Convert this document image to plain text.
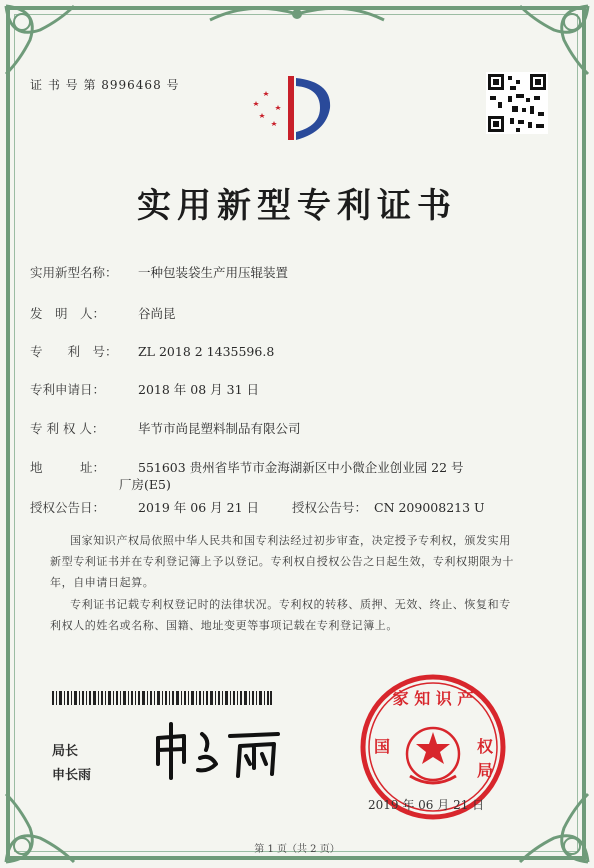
证 书 号 第 8996468 号
实用新型专利证书
实用新型名称： 一种包装袋生产用压辊装置
发　明　人：	谷尚昆
专　　利　号： ZL 2018 2 1435596.8
专利申请日：	2018 年 08 月 31 日
专 利 权 人：	毕节市尚昆塑料制品有限公司
地　　　址：	551603 贵州省毕节市金海湖新区中小微企业创业园 22 号
厂房(E5)
授权公告日：	2019 年 06 月 21 日	授权公告号： CN 209008213 U
国家知识产权局依照中华人民共和国专利法经过初步审查，决定授予专利权，颁发实用
新型专利证书并在专利登记簿上予以登记。专利权自授权公告之日起生效，专利权期限为十
年，自申请日起算。
专利证书记载专利权登记时的法律状况。专利权的转移、质押、无效、终止、恢复和专
利权人的姓名或名称、国籍、地址变更等事项记载在专利登记簿上。
局长
申长雨
家 知 识 产
国	权
局
2019 年 06 月 21 日
第 1 页（共 2 页）
